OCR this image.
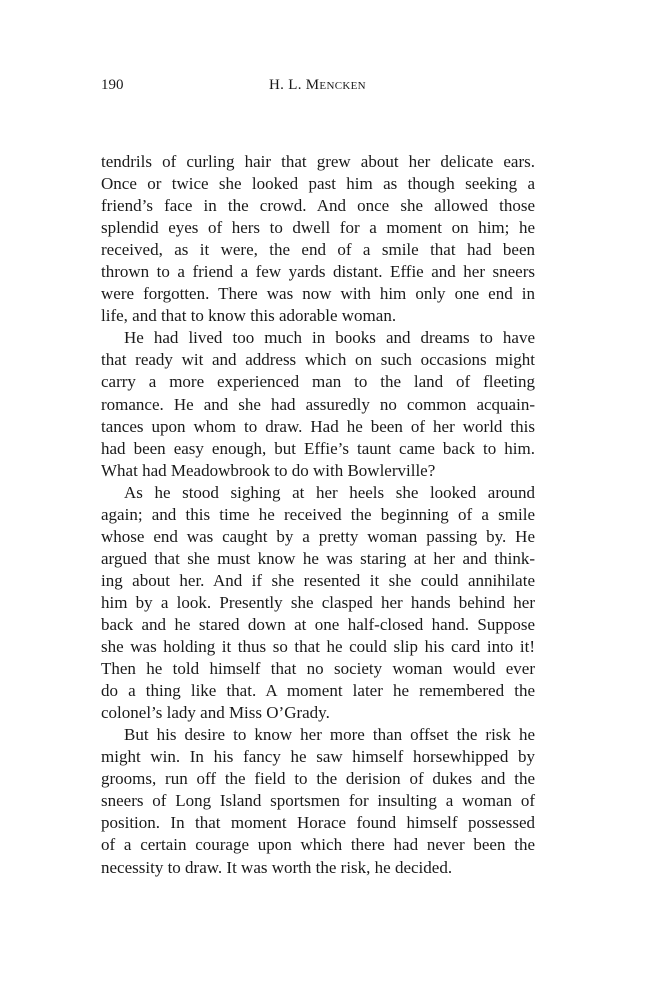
190	H. L. Mencken
tendrils of curling hair that grew about her delicate ears.
Once or twice she looked past him as though seeking a
friend’s face in the crowd. And once she allowed those
splendid eyes of hers to dwell for a moment on him; he
received, as it were, the end of a smile that had been
thrown to a friend a few yards distant. Effie and her sneers
were forgotten. There was now with him only one end in
life, and that to know this adorable woman.
He had lived too much in books and dreams to have
that ready wit and address which on such occasions might
carry a more experienced man to the land of fleeting
romance. He and she had assuredly no common acquain-
tances upon whom to draw. Had he been of her world this
had been easy enough, but Effie’s taunt came back to him.
What had Meadowbrook to do with Bowlerville?
As he stood sighing at her heels she looked around
again; and this time he received the beginning of a smile
whose end was caught by a pretty woman passing by. He
argued that she must know he was staring at her and think-
ing about her. And if she resented it she could annihilate
him by a look. Presently she clasped her hands behind her
back and he stared down at one half-closed hand. Suppose
she was holding it thus so that he could slip his card into it!
Then he told himself that no society woman would ever
do a thing like that. A moment later he remembered the
colonel’s lady and Miss O’Grady.
But his desire to know her more than offset the risk he
might win. In his fancy he saw himself horsewhipped by
grooms, run off the field to the derision of dukes and the
sneers of Long Island sportsmen for insulting a woman of
position. In that moment Horace found himself possessed
of a certain courage upon which there had never been the
necessity to draw. It was worth the risk, he decided.
